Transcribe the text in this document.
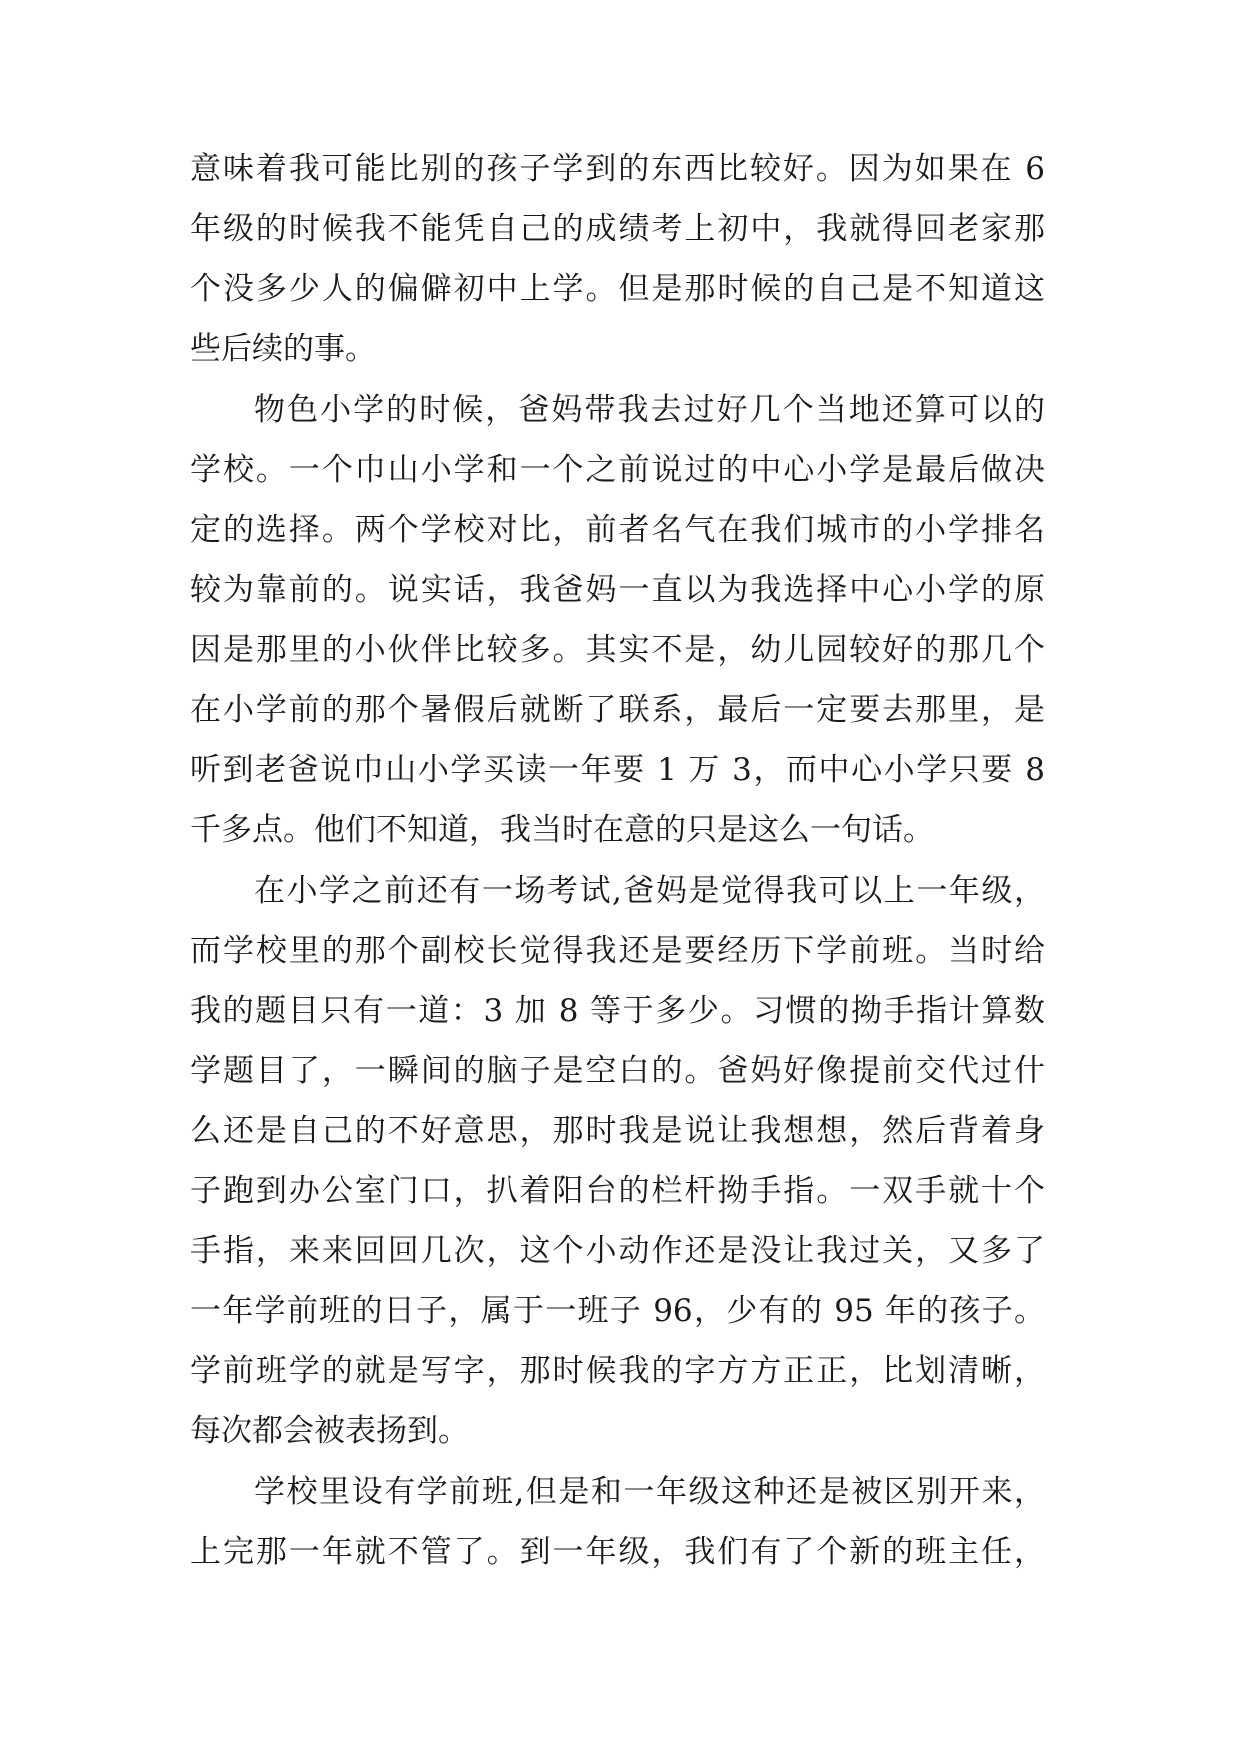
意味着我可能比别的孩子学到的东西比较好。因为如果在 6

年级的时候我不能凭自己的成绩考上初中，我就得回老家那

个没多少人的偏僻初中上学。但是那时候的自己是不知道这

些后续的事。

物色小学的时候，爸妈带我去过好几个当地还算可以的

学校。一个巾山小学和一个之前说过的中心小学是最后做决

定的选择。两个学校对比，前者名气在我们城市的小学排名

较为靠前的。说实话，我爸妈一直以为我选择中心小学的原

因是那里的小伙伴比较多。其实不是，幼儿园较好的那几个

在小学前的那个暑假后就断了联系，最后一定要去那里，是

听到老爸说巾山小学买读一年要 1 万 3，而中心小学只要 8

千多点。他们不知道，我当时在意的只是这么一句话。

在小学之前还有一场考试,爸妈是觉得我可以上一年级，

而学校里的那个副校长觉得我还是要经历下学前班。当时给

我的题目只有一道：3 加 8 等于多少。习惯的拗手指计算数

学题目了，一瞬间的脑子是空白的。爸妈好像提前交代过什

么还是自己的不好意思，那时我是说让我想想，然后背着身

子跑到办公室门口，扒着阳台的栏杆拗手指。一双手就十个

手指，来来回回几次，这个小动作还是没让我过关，又多了

一年学前班的日子，属于一班子 96，少有的 95 年的孩子。

学前班学的就是写字，那时候我的字方方正正，比划清晰，

每次都会被表扬到。

学校里设有学前班,但是和一年级这种还是被区别开来，

上完那一年就不管了。到一年级，我们有了个新的班主任，
